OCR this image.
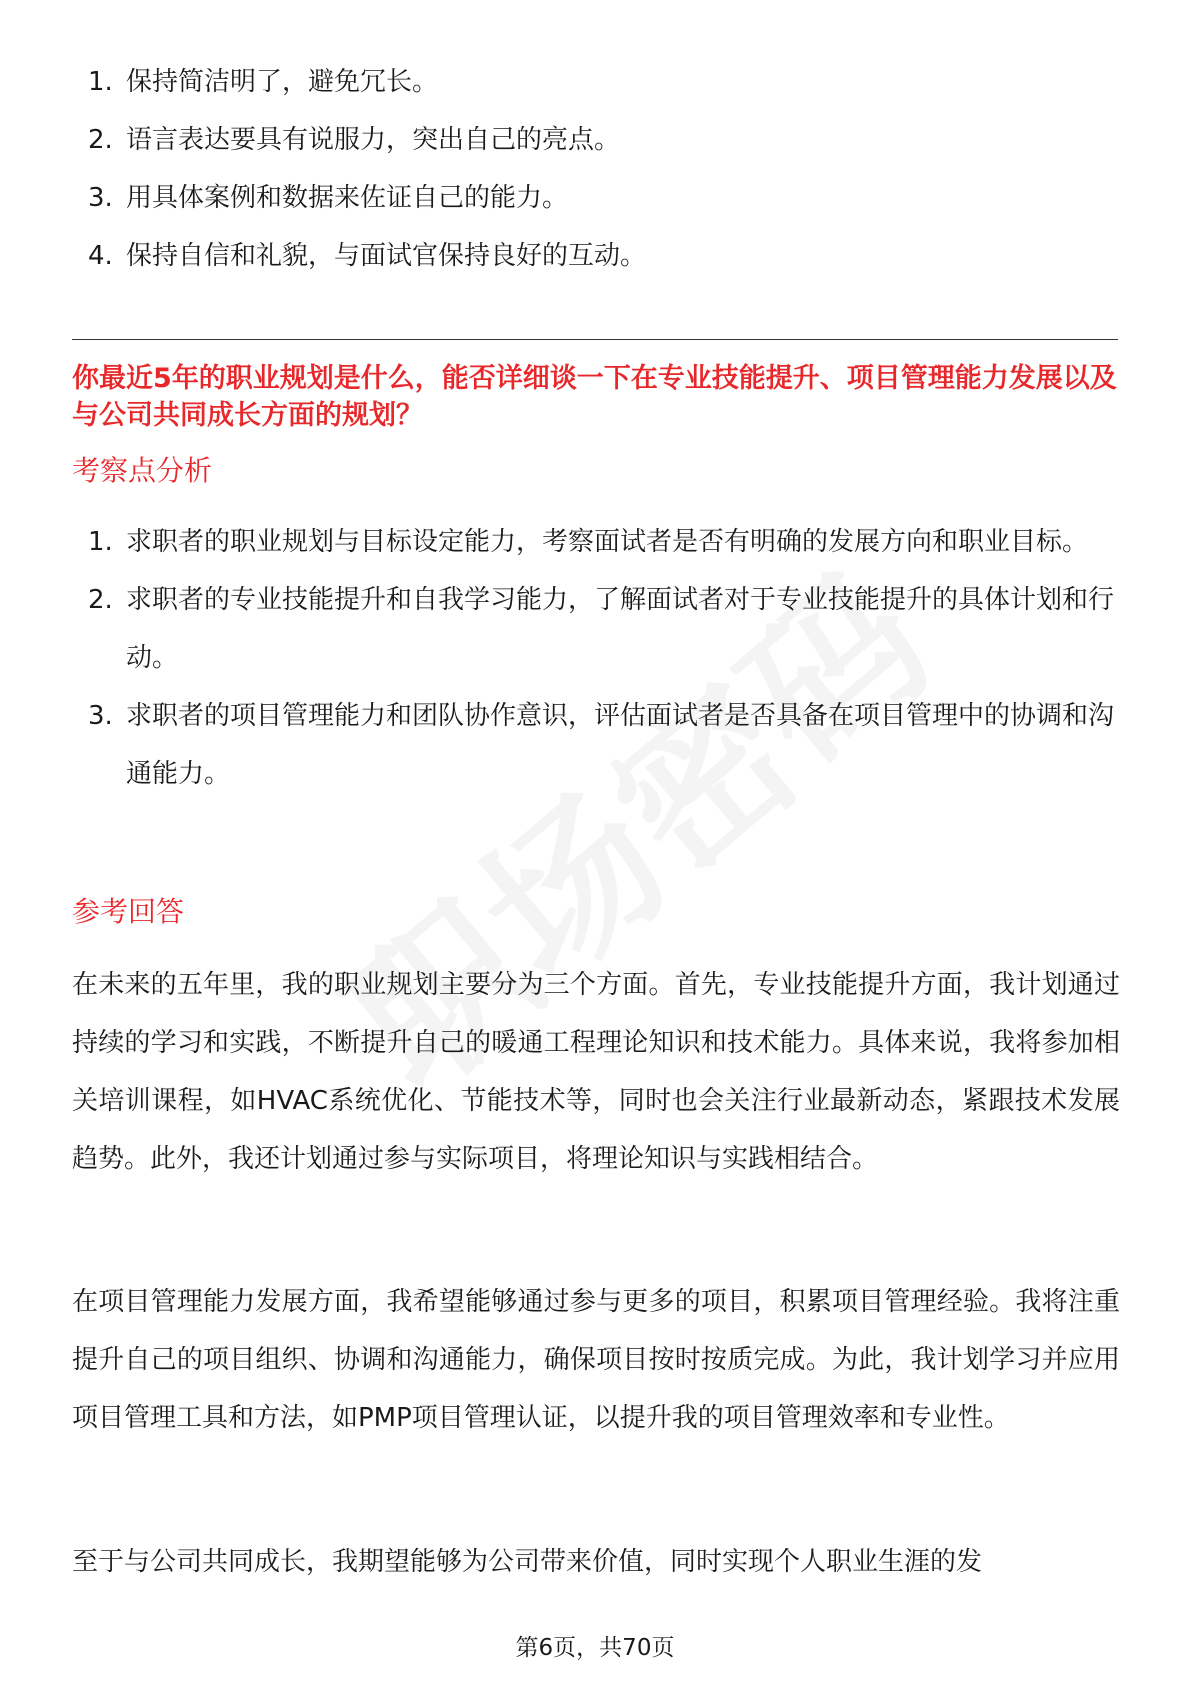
1. 保持简洁明了，避免冗长。
2. 语言表达要具有说服力，突出自己的亮点。
3. 用具体案例和数据来佐证自己的能力。
4. 保持自信和礼貌，与面试官保持良好的互动。
你最近5年的职业规划是什么，能否详细谈一下在专业技能提升、项目管理能力发展以及与公司共同成长方面的规划？
考察点分析
1. 求职者的职业规划与目标设定能力，考察面试者是否有明确的发展方向和职业目标。
2. 求职者的专业技能提升和自我学习能力，了解面试者对于专业技能提升的具体计划和行动。
3. 求职者的项目管理能力和团队协作意识，评估面试者是否具备在项目管理中的协调和沟通能力。
参考回答

在未来的五年里，我的职业规划主要分为三个方面。首先，专业技能提升方面，我计划通过持续的学习和实践，不断提升自己的暖通工程理论知识和技术能力。具体来说，我将参加相关培训课程，如HVAC系统优化、节能技术等，同时也会关注行业最新动态，紧跟技术发展趋势。此外，我还计划通过参与实际项目，将理论知识与实践相结合。

在项目管理能力发展方面，我希望能够通过参与更多的项目，积累项目管理经验。我将注重提升自己的项目组织、协调和沟通能力，确保项目按时按质完成。为此，我计划学习并应用项目管理工具和方法，如PMP项目管理认证，以提升我的项目管理效率和专业性。

至于与公司共同成长，我期望能够为公司带来价值，同时实现个人职业生涯的发

第6页，共70页
